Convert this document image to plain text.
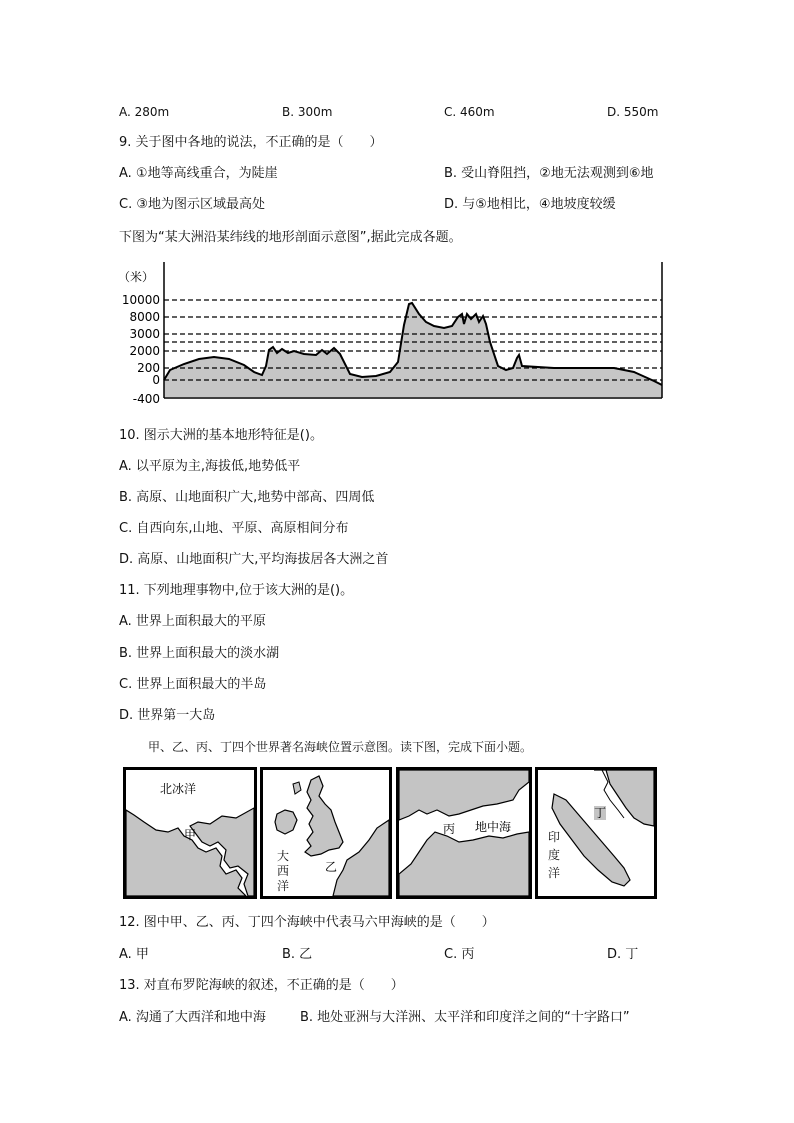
A. 280m	B. 300m	C. 460m	D. 550m
9. 关于图中各地的说法，不正确的是（　　）
A. ①地等高线重合，为陡崖	B. 受山脊阻挡，②地无法观测到⑥地
C. ③地为图示区域最高处	D. 与⑤地相比，④地坡度较缓
下图为“某大洲沿某纬线的地形剖面示意图”,据此完成各题。
（米）
10000
8000
3000
2000
200
0
-400
10. 图示大洲的基本地形特征是()。
A. 以平原为主,海拔低,地势低平
B. 高原、山地面积广大,地势中部高、四周低
C. 自西向东,山地、平原、高原相间分布
D. 高原、山地面积广大,平均海拔居各大洲之首
11. 下列地理事物中,位于该大洲的是()。
A. 世界上面积最大的平原
B. 世界上面积最大的淡水湖
C. 世界上面积最大的半岛
D. 世界第一大岛
甲、乙、丙、丁四个世界著名海峡位置示意图。读下图，完成下面小题。
北冰洋
甲
大
西
洋
乙
丙 地中海
丁
印
度
洋
12. 图中甲、乙、丙、丁四个海峡中代表马六甲海峡的是（　　）
A. 甲	B. 乙	C. 丙	D. 丁
13. 对直布罗陀海峡的叙述，不正确的是（　　）
A. 沟通了大西洋和地中海	B. 地处亚洲与大洋洲、太平洋和印度洋之间的“十字路口”
